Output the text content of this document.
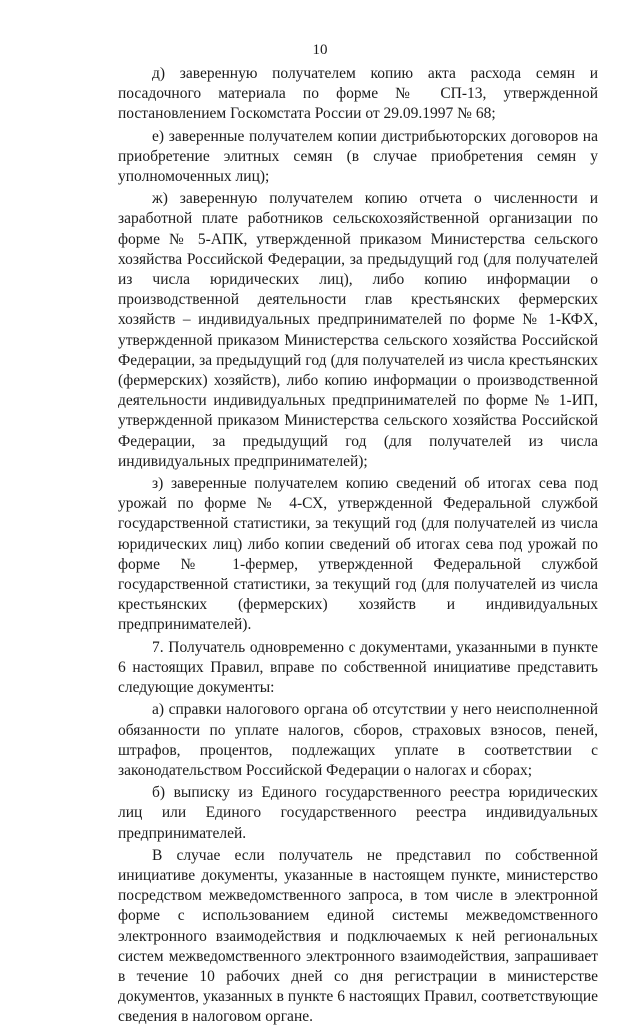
10

д) заверенную получателем копию акта расхода семян и посадочного материала по форме № СП-13, утвержденной постановлением Госкомстата России от 29.09.1997 № 68;

е) заверенные получателем копии дистрибьюторских договоров на приобретение элитных семян (в случае приобретения семян у уполномоченных лиц);

ж) заверенную получателем копию отчета о численности и заработной плате работников сельскохозяйственной организации по форме № 5-АПК, утвержденной приказом Министерства сельского хозяйства Российской Федерации, за предыдущий год (для получателей из числа юридических лиц), либо копию информации о производственной деятельности глав крестьянских фермерских хозяйств – индивидуальных предпринимателей по форме № 1-КФХ, утвержденной приказом Министерства сельского хозяйства Российской Федерации, за предыдущий год (для получателей из числа крестьянских (фермерских) хозяйств), либо копию информации о производственной деятельности индивидуальных предпринимателей по форме № 1-ИП, утвержденной приказом Министерства сельского хозяйства Российской Федерации, за предыдущий год (для получателей из числа индивидуальных предпринимателей);

з) заверенные получателем копию сведений об итогах сева под урожай по форме № 4-СХ, утвержденной Федеральной службой государственной статистики, за текущий год (для получателей из числа юридических лиц) либо копии сведений об итогах сева под урожай по форме № 1-фермер, утвержденной Федеральной службой государственной статистики, за текущий год (для получателей из числа крестьянских (фермерских) хозяйств и индивидуальных предпринимателей).

7. Получатель одновременно с документами, указанными в пункте 6 настоящих Правил, вправе по собственной инициативе представить следующие документы:

а) справки налогового органа об отсутствии у него неисполненной обязанности по уплате налогов, сборов, страховых взносов, пеней, штрафов, процентов, подлежащих уплате в соответствии с законодательством Российской Федерации о налогах и сборах;

б) выписку из Единого государственного реестра юридических лиц или Единого государственного реестра индивидуальных предпринимателей.

В случае если получатель не представил по собственной инициативе документы, указанные в настоящем пункте, министерство посредством межведомственного запроса, в том числе в электронной форме с использованием единой системы межведомственного электронного взаимодействия и подключаемых к ней региональных систем межведомственного электронного взаимодействия, запрашивает в течение 10 рабочих дней со дня регистрации в министерстве документов, указанных в пункте 6 настоящих Правил, соответствующие сведения в налоговом органе.
